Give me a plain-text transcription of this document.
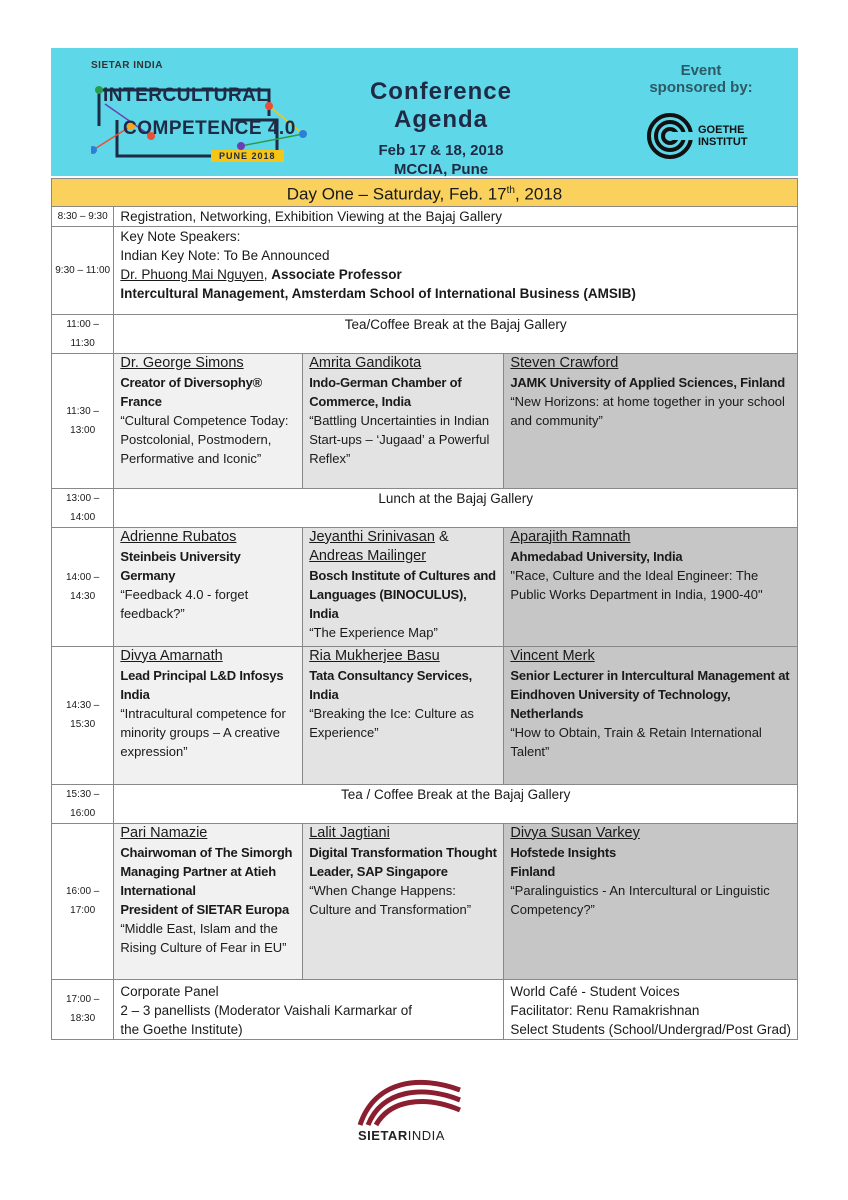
SIETAR INDIA
INTERCULTURAL
COMPETENCE 4.0
PUNE 2018
Conference Agenda
Feb 17 & 18, 2018
MCCIA, Pune
Event
sponsored by:
GOETHE
INSTITUT
Day One – Saturday, Feb. 17th, 2018			
8:30 – 9:30	Registration, Networking, Exhibition Viewing at the Bajaj Gallery		
9:30 – 11:00	Key Note Speakers:
Indian Key Note: To Be Announced
Dr. Phuong Mai Nguyen, Associate Professor
Intercultural Management, Amsterdam School of International Business (AMSIB)		

11:00 – 11:30	Tea/Coffee Break at the Bajaj Gallery		
11:30 – 13:00	Dr. George Simons
Creator of Diversophy®
France
“Cultural Competence Today: Postcolonial, Postmodern, Performative and Iconic”	Amrita Gandikota
Indo-German Chamber of Commerce, India
“Battling Uncertainties in Indian Start-ups – ‘Jugaad’ a Powerful Reflex”	Steven Crawford
JAMK University of Applied Sciences, Finland
“New Horizons: at home together in your school and community”

13:00 – 14:00	Lunch at the Bajaj Gallery		
14:00 – 14:30	Adrienne Rubatos
Steinbeis University Germany
“Feedback 4.0 - forget feedback?”	Jeyanthi Srinivasan & Andreas Mailinger
Bosch Institute of Cultures and Languages (BINOCULUS), India
“The Experience Map”	Aparajith Ramnath
Ahmedabad University, India
"Race, Culture and the Ideal Engineer: The Public Works Department in India, 1900-40"

14:30 – 15:30	Divya Amarnath
Lead Principal L&D Infosys
India
“Intracultural competence for minority groups – A creative expression”	Ria Mukherjee Basu
Tata Consultancy Services, India
“Breaking the Ice: Culture as Experience”	Vincent Merk
Senior Lecturer in Intercultural Management at Eindhoven University of Technology, Netherlands
“How to Obtain, Train & Retain International Talent”

15:30 – 16:00	Tea / Coffee Break at the Bajaj Gallery		
16:00 – 17:00	Pari Namazie
Chairwoman of The Simorgh
Managing Partner at Atieh International
President of SIETAR Europa
“Middle East, Islam and the Rising Culture of Fear in EU”	Lalit Jagtiani
Digital Transformation Thought Leader, SAP Singapore
“When Change Happens: Culture and Transformation”	Divya Susan Varkey
Hofstede Insights
Finland
“Paralinguistics - An Intercultural or Linguistic Competency?”

17:00 – 18:30	Corporate Panel
2 – 3 panellists (Moderator Vaishali Karmarkar of the Goethe Institute)		World Café - Student Voices
Facilitator: Renu Ramakrishnan
Select Students (School/Undergrad/Post Grad)
SIETARINDIA
